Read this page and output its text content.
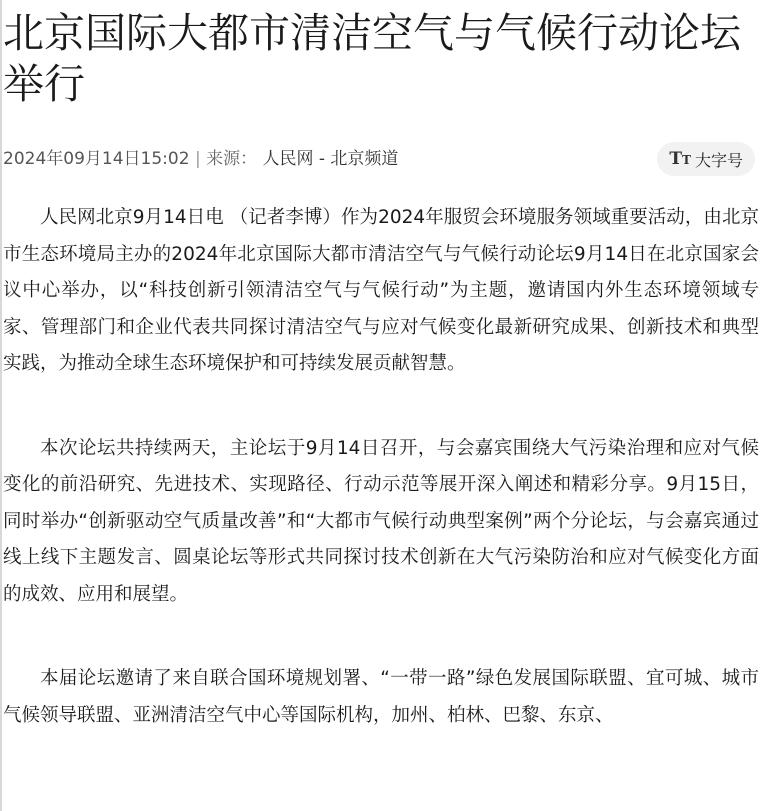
北京国际大都市清洁空气与气候行动论坛举行
2024年09月14日15:02 | 来源： 人民网 - 北京频道	T T 大字号

人民网北京9月14日电 （记者李博）作为2024年服贸会环境服务领域重要活动，由北京市生态环境局主办的2024年北京国际大都市清洁空气与气候行动论坛9月14日在北京国家会议中心举办，以“科技创新引领清洁空气与气候行动”为主题，邀请国内外生态环境领域专家、管理部门和企业代表共同探讨清洁空气与应对气候变化最新研究成果、创新技术和典型实践，为推动全球生态环境保护和可持续发展贡献智慧。

本次论坛共持续两天，主论坛于9月14日召开，与会嘉宾围绕大气污染治理和应对气候变化的前沿研究、先进技术、实现路径、行动示范等展开深入阐述和精彩分享。9月15日，同时举办“创新驱动空气质量改善”和“大都市气候行动典型案例”两个分论坛，与会嘉宾通过线上线下主题发言、圆桌论坛等形式共同探讨技术创新在大气污染防治和应对气候变化方面的成效、应用和展望。

本届论坛邀请了来自联合国环境规划署、“一带一路”绿色发展国际联盟、宜可城、城市气候领导联盟、亚洲清洁空气中心等国际机构，加州、柏林、巴黎、东京、
